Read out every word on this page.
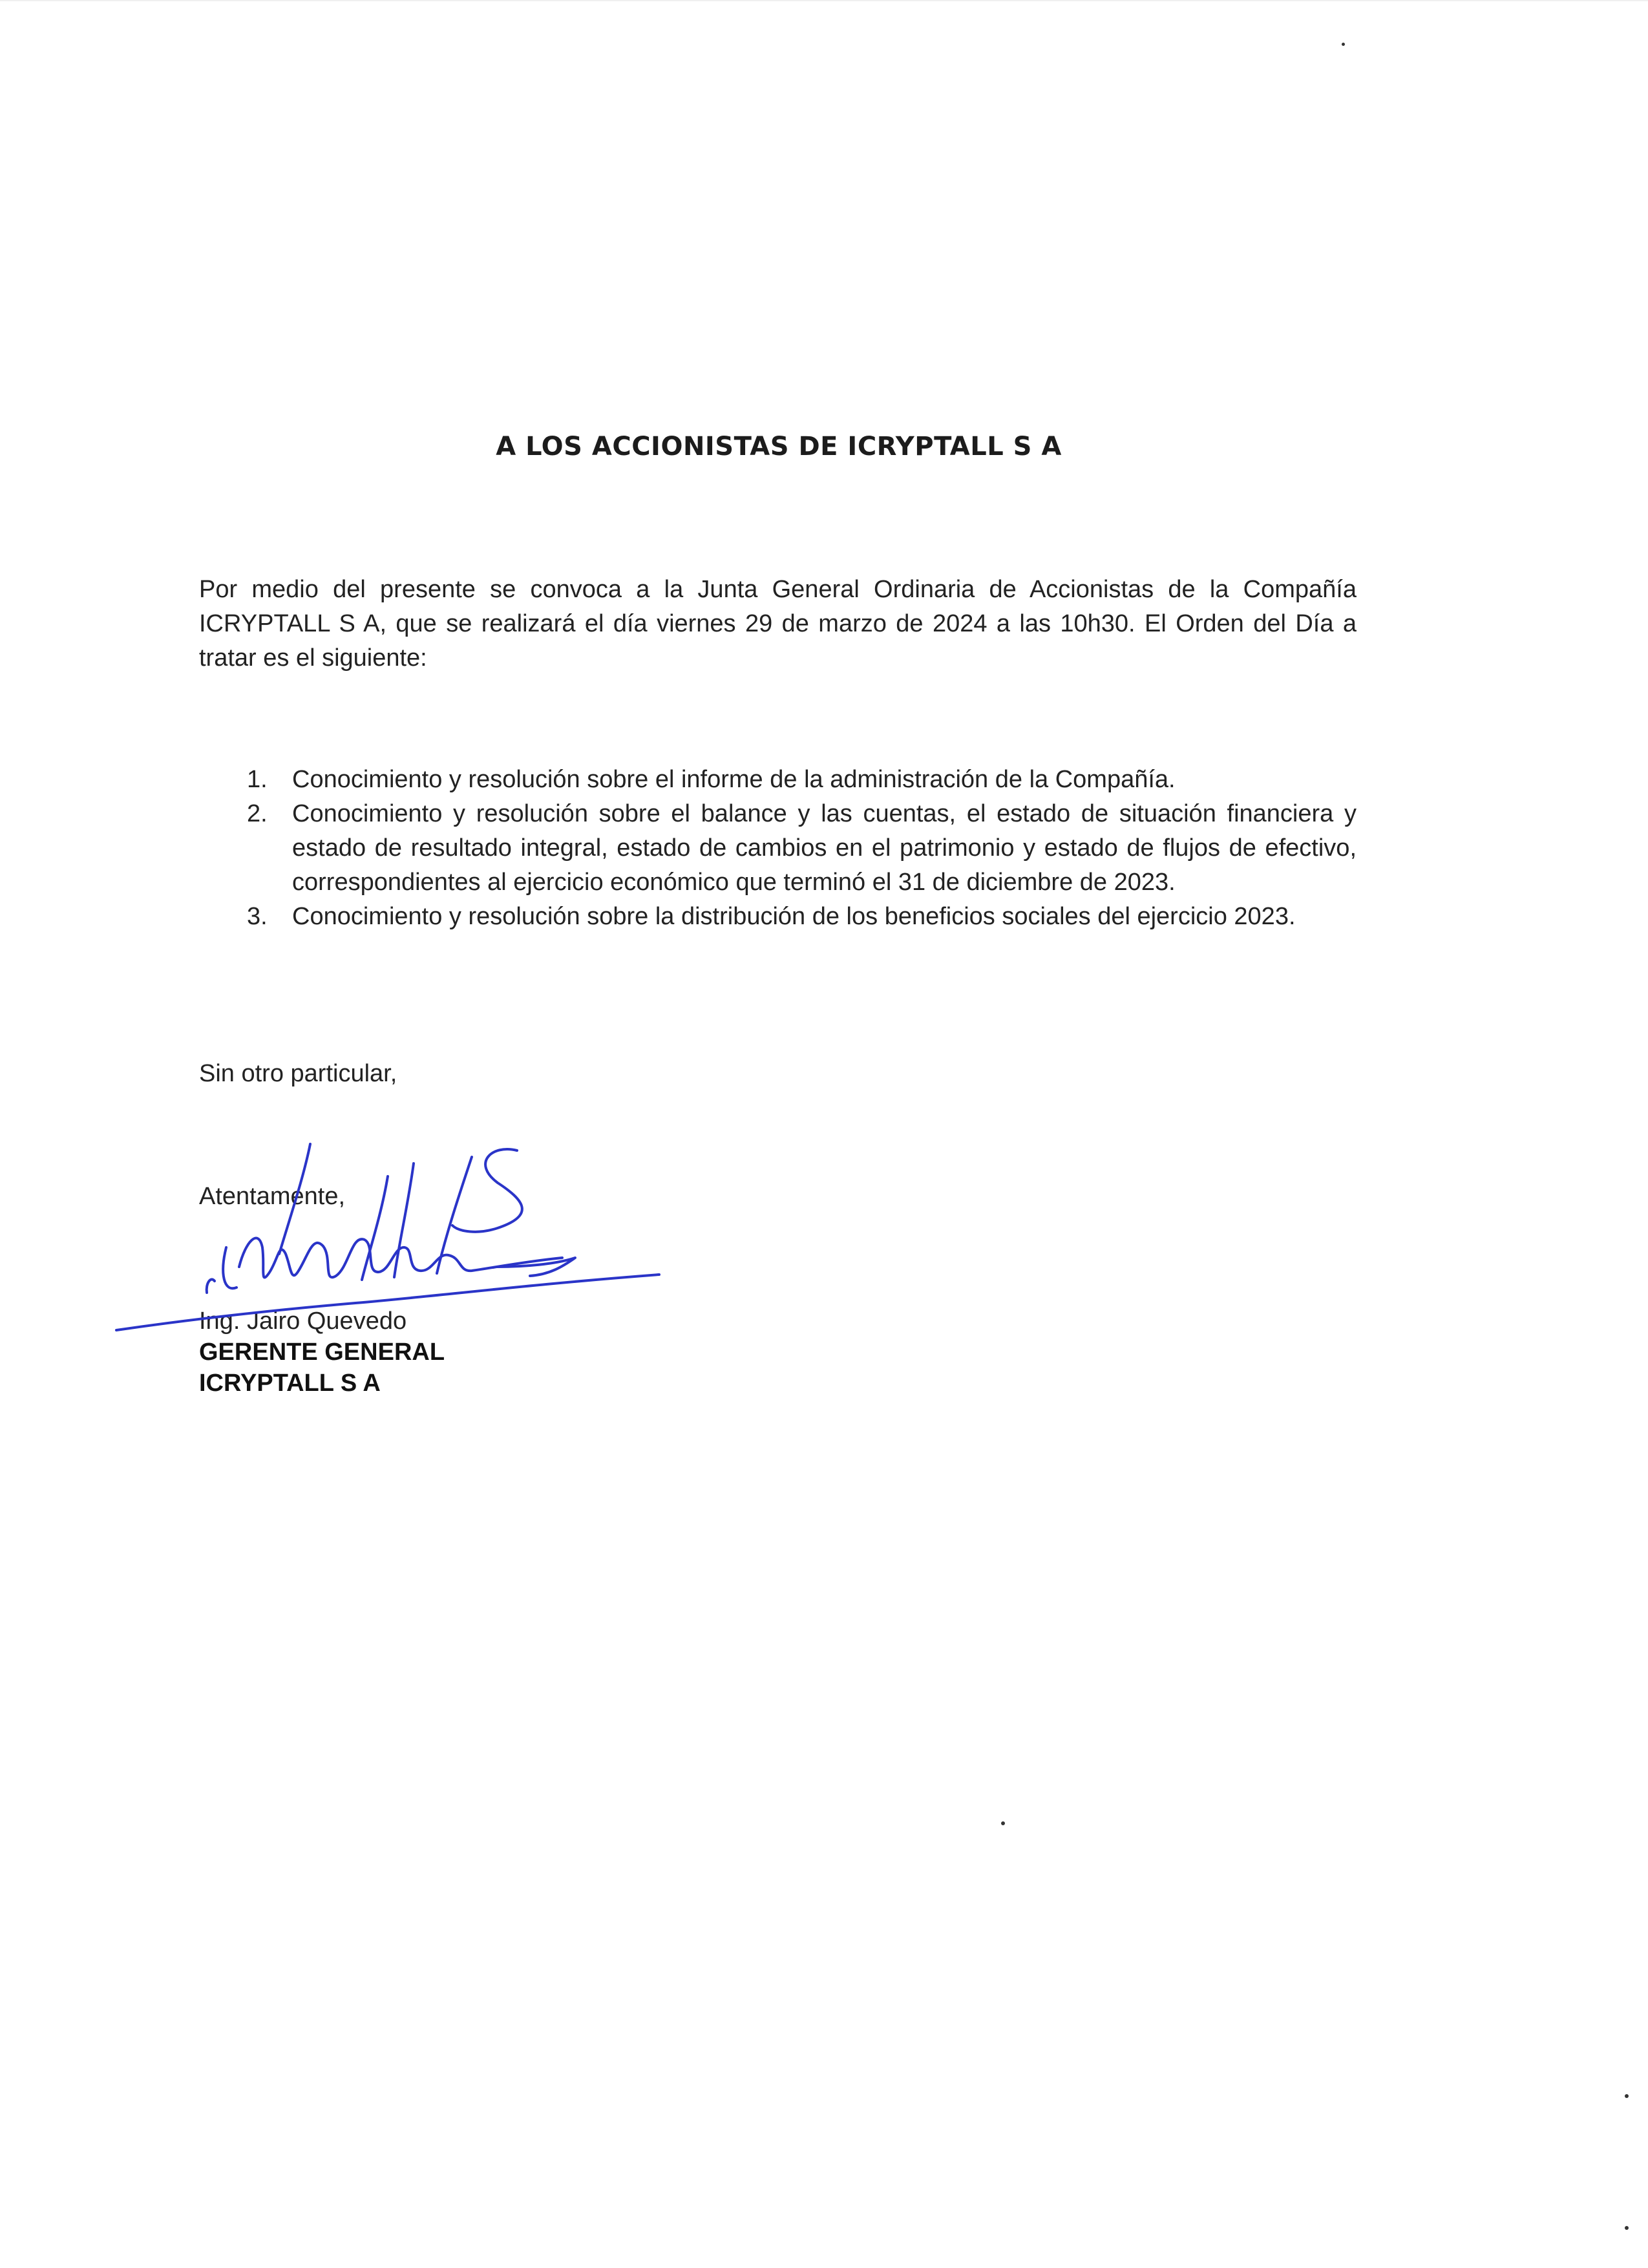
A LOS ACCIONISTAS DE ICRYPTALL S A
Por medio del presente se convoca a la Junta General Ordinaria de Accionistas de la Compañía ICRYPTALL S A, que se realizará el día viernes 29 de marzo de 2024 a las 10h30. El Orden del Día a tratar es el siguiente:
1. Conocimiento y resolución sobre el informe de la administración de la Compañía.
2. Conocimiento y resolución sobre el balance y las cuentas, el estado de situación financiera y estado de resultado integral, estado de cambios en el patrimonio y estado de flujos de efectivo, correspondientes al ejercicio económico que terminó el 31 de diciembre de 2023.
3. Conocimiento y resolución sobre la distribución de los beneficios sociales del ejercicio 2023.
Sin otro particular,
Atentamente,
Ing. Jairo Quevedo
GERENTE GENERAL
ICRYPTALL S A
